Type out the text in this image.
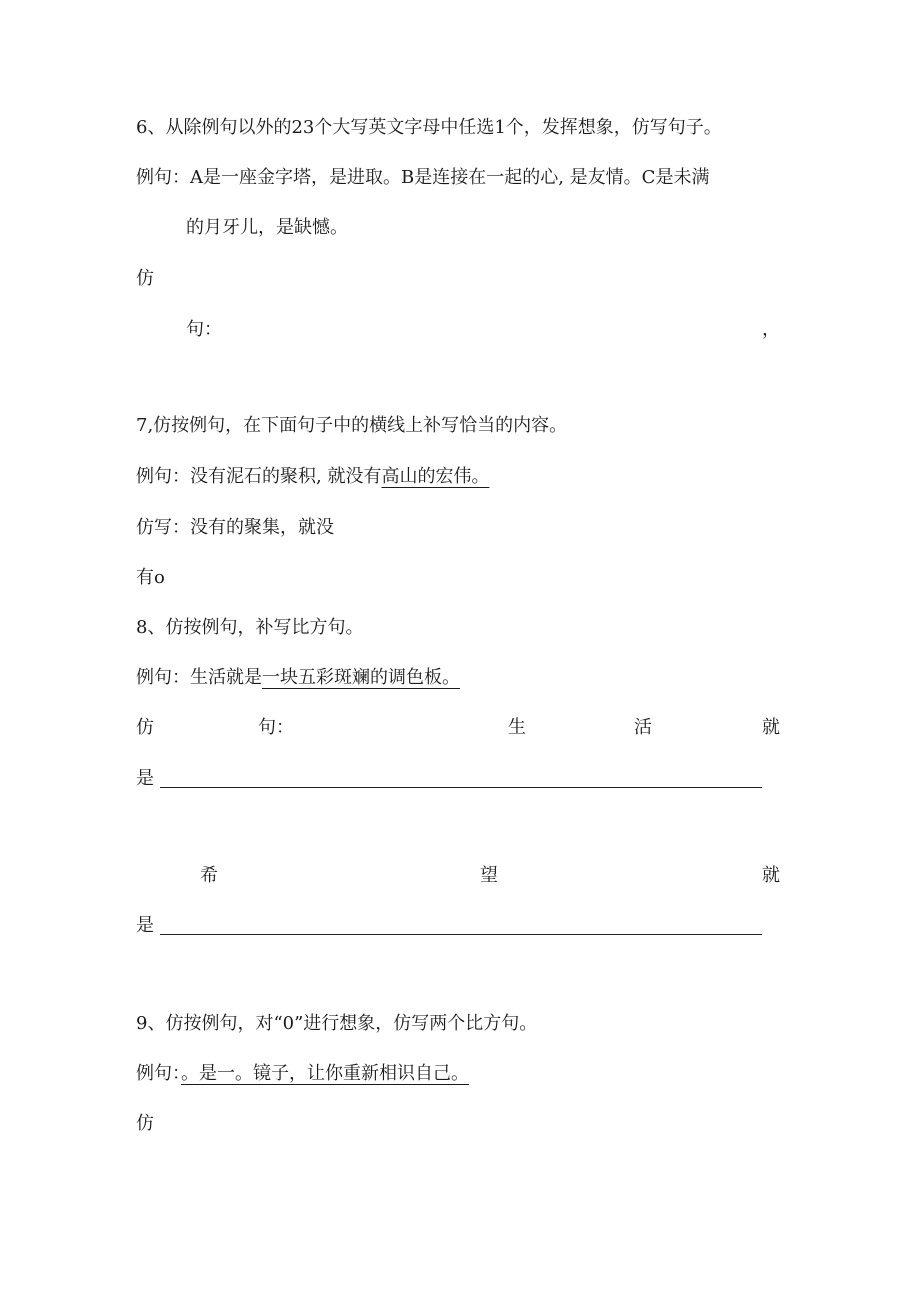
6、从除例句以外的23个大写英文字母中任选1个，发挥想象，仿写句子。
例句：A是一座金字塔，是进取。B是连接在一起的心, 是友情。C是未满
的月牙儿，是缺憾。
仿
句：	，
7,仿按例句，在下面句子中的横线上补写恰当的内容。
例句：没有泥石的聚积, 就没有高山的宏伟。
仿写：没有的聚集，就没
有o
8、仿按例句，补写比方句。
例句：生活就是一块五彩斑斓的调色板。
仿	句：	生	活	就
是
希	望	就
是
9、仿按例句，对“0”进行想象，仿写两个比方句。
例句：。是一。镜子，让你重新相识自己。
仿
